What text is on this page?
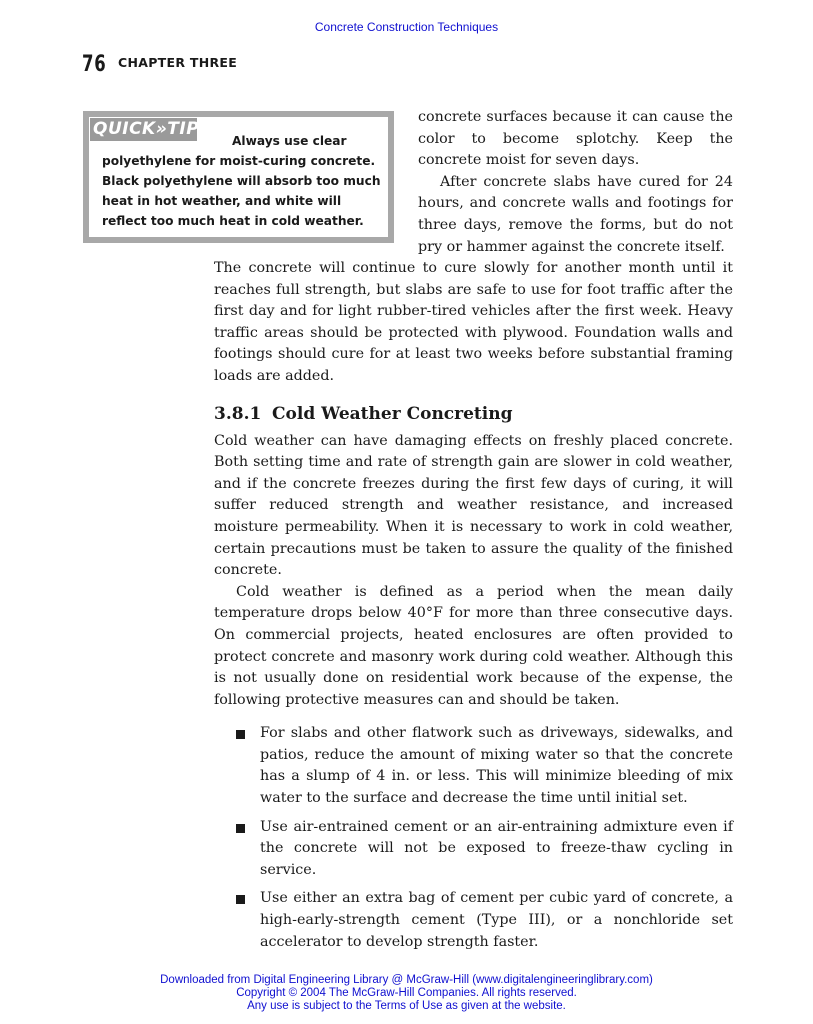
Concrete Construction Techniques
76 CHAPTER THREE
QUICK»TIP

Always use clear polyethylene for moist-curing concrete. Black polyethylene will absorb too much heat in hot weather, and white will reflect too much heat in cold weather.

concrete surfaces because it can cause the color to become splotchy. Keep the concrete moist for seven days.

After concrete slabs have cured for 24 hours, and concrete walls and footings for three days, remove the forms, but do not pry or hammer against the concrete itself.

The concrete will continue to cure slowly for another month until it reaches full strength, but slabs are safe to use for foot traffic after the first day and for light rubber-tired vehicles after the first week. Heavy traffic areas should be protected with plywood. Foundation walls and footings should cure for at least two weeks before substantial framing loads are added.

3.8.1 Cold Weather Concreting

Cold weather can have damaging effects on freshly placed concrete. Both setting time and rate of strength gain are slower in cold weather, and if the concrete freezes during the first few days of curing, it will suffer reduced strength and weather resistance, and increased moisture permeability. When it is necessary to work in cold weather, certain precautions must be taken to assure the quality of the finished concrete.

Cold weather is defined as a period when the mean daily temperature drops below 40°F for more than three consecutive days. On commercial projects, heated enclosures are often provided to protect concrete and masonry work during cold weather. Although this is not usually done on residential work because of the expense, the following protective measures can and should be taken.

For slabs and other flatwork such as driveways, sidewalks, and patios, reduce the amount of mixing water so that the concrete has a slump of 4 in. or less. This will minimize bleeding of mix water to the surface and decrease the time until initial set.
Use air-entrained cement or an air-entraining admixture even if the concrete will not be exposed to freeze-thaw cycling in service.
Use either an extra bag of cement per cubic yard of concrete, a high-early-strength cement (Type III), or a nonchloride set accelerator to develop strength faster.
Downloaded from Digital Engineering Library @ McGraw-Hill (www.digitalengineeringlibrary.com)
Copyright © 2004 The McGraw-Hill Companies. All rights reserved.
Any use is subject to the Terms of Use as given at the website.
